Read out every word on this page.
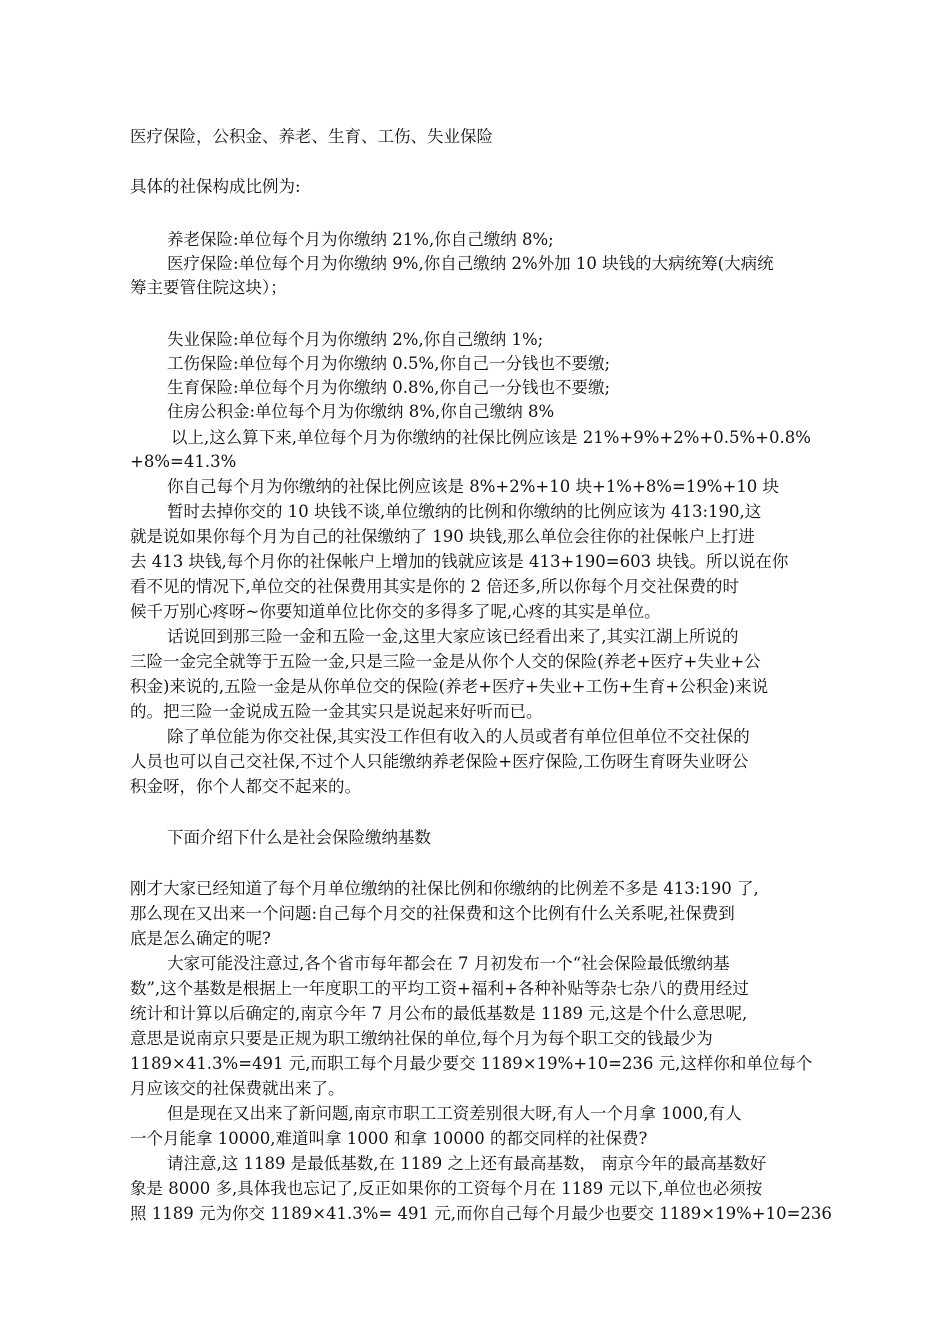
医疗保险，公积金、养老、生育、工伤、失业保险
具体的社保构成比例为:
养老保险:单位每个月为你缴纳 21%,你自己缴纳 8%;
医疗保险:单位每个月为你缴纳 9%,你自己缴纳 2%外加 10 块钱的大病统筹(大病统
筹主要管住院这块）；
失业保险:单位每个月为你缴纳 2%,你自己缴纳 1%;
工伤保险:单位每个月为你缴纳 0.5%,你自己一分钱也不要缴;
生育保险:单位每个月为你缴纳 0.8%,你自己一分钱也不要缴;
住房公积金:单位每个月为你缴纳 8%,你自己缴纳 8%
以上,这么算下来,单位每个月为你缴纳的社保比例应该是 21%+9%+2%+0.5%+0.8%
+8%=41.3%
你自己每个月为你缴纳的社保比例应该是 8%+2%+10 块+1%+8%=19%+10 块
暂时去掉你交的 10 块钱不谈,单位缴纳的比例和你缴纳的比例应该为 413:190,这
就是说如果你每个月为自己的社保缴纳了 190 块钱,那么单位会往你的社保帐户上打进
去 413 块钱,每个月你的社保帐户上增加的钱就应该是 413+190=603 块钱。所以说在你
看不见的情况下,单位交的社保费用其实是你的 2 倍还多,所以你每个月交社保费的时
候千万别心疼呀~你要知道单位比你交的多得多了呢,心疼的其实是单位。
话说回到那三险一金和五险一金,这里大家应该已经看出来了,其实江湖上所说的
三险一金完全就等于五险一金,只是三险一金是从你个人交的保险(养老+医疗+失业+公
积金)来说的,五险一金是从你单位交的保险(养老+医疗+失业+工伤+生育+公积金)来说
的。把三险一金说成五险一金其实只是说起来好听而已。
除了单位能为你交社保,其实没工作但有收入的人员或者有单位但单位不交社保的
人员也可以自己交社保,不过个人只能缴纳养老保险+医疗保险,工伤呀生育呀失业呀公
积金呀，你个人都交不起来的。
下面介绍下什么是社会保险缴纳基数
刚才大家已经知道了每个月单位缴纳的社保比例和你缴纳的比例差不多是 413:190 了,
那么现在又出来一个问题:自己每个月交的社保费和这个比例有什么关系呢,社保费到
底是怎么确定的呢?
大家可能没注意过,各个省市每年都会在 7 月初发布一个“社会保险最低缴纳基
数”,这个基数是根据上一年度职工的平均工资+福利+各种补贴等杂七杂八的费用经过
统计和计算以后确定的,南京今年 7 月公布的最低基数是 1189 元,这是个什么意思呢,
意思是说南京只要是正规为职工缴纳社保的单位,每个月为每个职工交的钱最少为
1189×41.3%=491 元,而职工每个月最少要交 1189×19%+10=236 元,这样你和单位每个
月应该交的社保费就出来了。
但是现在又出来了新问题,南京市职工工资差别很大呀,有人一个月拿 1000,有人
一个月能拿 10000,难道叫拿 1000 和拿 10000 的都交同样的社保费?
请注意,这 1189 是最低基数,在 1189 之上还有最高基数， 南京今年的最高基数好
象是 8000 多,具体我也忘记了,反正如果你的工资每个月在 1189 元以下,单位也必须按
照 1189 元为你交 1189×41.3%= 491 元,而你自己每个月最少也要交 1189×19%+10=236
